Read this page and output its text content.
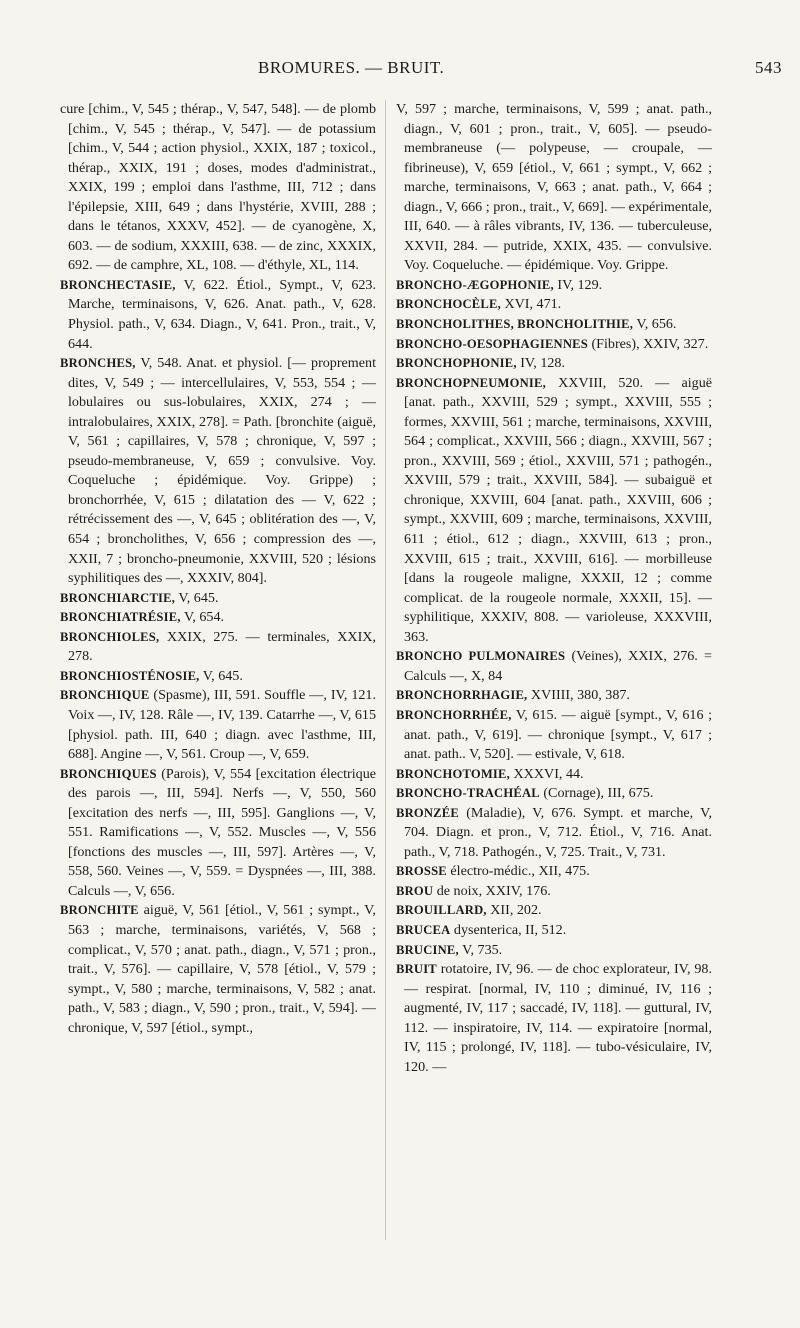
BROMURES. — BRUIT.	543

cure [chim., V, 545 ; thérap., V, 547, 548]. — de plomb [chim., V, 545 ; thérap., V, 547]. — de potassium [chim., V, 544 ; action physiol., XXIX, 187 ; toxicol., thérap., XXIX, 191 ; doses, modes d'administrat., XXIX, 199 ; emploi dans l'asthme, III, 712 ; dans l'épilepsie, XIII, 649 ; dans l'hystérie, XVIII, 288 ; dans le tétanos, XXXV, 452]. — de cyanogène, X, 603. — de sodium, XXXIII, 638. — de zinc, XXXIX, 692. — de camphre, XL, 108. — d'éthyle, XL, 114.

BRONCHECTASIE, V, 622. Étiol., Sympt., V, 623. Marche, terminaisons, V, 626. Anat. path., V, 628. Physiol. path., V, 634. Diagn., V, 641. Pron., trait., V, 644.

BRONCHES, V, 548. Anat. et physiol. [— proprement dites, V, 549 ; — intercellulaires, V, 553, 554 ; — lobulaires ou sus-lobulaires, XXIX, 274 ; — intralobulaires, XXIX, 278]. = Path. [bronchite (aiguë, V, 561 ; capillaires, V, 578 ; chronique, V, 597 ; pseudo-membraneuse, V, 659 ; convulsive. Voy. Coqueluche ; épidémique. Voy. Grippe) ; bronchorrhée, V, 615 ; dilatation des — V, 622 ; rétrécissement des —, V, 645 ; oblitération des —, V, 654 ; broncholithes, V, 656 ; compression des —, XXII, 7 ; broncho-pneumonie, XXVIII, 520 ; lésions syphilitiques des —, XXXIV, 804].

BRONCHIARCTIE, V, 645.

BRONCHIATRÉSIE, V, 654.

BRONCHIOLES, XXIX, 275. — terminales, XXIX, 278.

BRONCHIOSTÉNOSIE, V, 645.

BRONCHIQUE (Spasme), III, 591. Souffle —, IV, 121. Voix —, IV, 128. Râle —, IV, 139. Catarrhe —, V, 615 [physiol. path. III, 640 ; diagn. avec l'asthme, III, 688]. Angine —, V, 561. Croup —, V, 659.

BRONCHIQUES (Parois), V, 554 [excitation électrique des parois —, III, 594]. Nerfs —, V, 550, 560 [excitation des nerfs —, III, 595]. Ganglions —, V, 551. Ramifications —, V, 552. Muscles —, V, 556 [fonctions des muscles —, III, 597]. Artères —, V, 558, 560. Veines —, V, 559. = Dyspnées —, III, 388. Calculs —, V, 656.

BRONCHITE aiguë, V, 561 [étiol., V, 561 ; sympt., V, 563 ; marche, terminaisons, variétés, V, 568 ; complicat., V, 570 ; anat. path., diagn., V, 571 ; pron., trait., V, 576]. — capillaire, V, 578 [étiol., V, 579 ; sympt., V, 580 ; marche, terminaisons, V, 582 ; anat. path., V, 583 ; diagn., V, 590 ; pron., trait., V, 594]. — chronique, V, 597 [étiol., sympt.,

V, 597 ; marche, terminaisons, V, 599 ; anat. path., diagn., V, 601 ; pron., trait., V, 605]. — pseudo-membraneuse (— polypeuse, — croupale, — fibrineuse), V, 659 [étiol., V, 661 ; sympt., V, 662 ; marche, terminaisons, V, 663 ; anat. path., V, 664 ; diagn., V, 666 ; pron., trait., V, 669]. — expérimentale, III, 640. — à râles vibrants, IV, 136. — tuberculeuse, XXVII, 284. — putride, XXIX, 435. — convulsive. Voy. Coqueluche. — épidémique. Voy. Grippe.

BRONCHO-ÆGOPHONIE, IV, 129.

BRONCHOCÈLE, XVI, 471.

BRONCHOLITHES, BRONCHOLITHIE, V, 656.

BRONCHO-OESOPHAGIENNES (Fibres), XXIV, 327.

BRONCHOPHONIE, IV, 128.

BRONCHOPNEUMONIE, XXVIII, 520. — aiguë [anat. path., XXVIII, 529 ; sympt., XXVIII, 555 ; formes, XXVIII, 561 ; marche, terminaisons, XXVIII, 564 ; complicat., XXVIII, 566 ; diagn., XXVIII, 567 ; pron., XXVIII, 569 ; étiol., XXVIII, 571 ; pathogén., XXVIII, 579 ; trait., XXVIII, 584]. — subaiguë et chronique, XXVIII, 604 [anat. path., XXVIII, 606 ; sympt., XXVIII, 609 ; marche, terminaisons, XXVIII, 611 ; étiol., 612 ; diagn., XXVIII, 613 ; pron., XXVIII, 615 ; trait., XXVIII, 616]. — morbilleuse [dans la rougeole maligne, XXXII, 12 ; comme complicat. de la rougeole normale, XXXII, 15]. — syphilitique, XXXIV, 808. — varioleuse, XXXVIII, 363.

BRONCHO PULMONAIRES (Veines), XXIX, 276. = Calculs —, X, 84

BRONCHORRHAGIE, XVIIII, 380, 387.

BRONCHORRHÉE, V, 615. — aiguë [sympt., V, 616 ; anat. path., V, 619]. — chronique [sympt., V, 617 ; anat. path.. V, 520]. — estivale, V, 618.

BRONCHOTOMIE, XXXVI, 44.

BRONCHO-TRACHÉAL (Cornage), III, 675.

BRONZÉE (Maladie), V, 676. Sympt. et marche, V, 704. Diagn. et pron., V, 712. Étiol., V, 716. Anat. path., V, 718. Pathogén., V, 725. Trait., V, 731.

BROSSE électro-médic., XII, 475.

BROU de noix, XXIV, 176.

BROUILLARD, XII, 202.

BRUCEA dysenterica, II, 512.

BRUCINE, V, 735.

BRUIT rotatoire, IV, 96. — de choc explorateur, IV, 98. — respirat. [normal, IV, 110 ; diminué, IV, 116 ; augmenté, IV, 117 ; saccadé, IV, 118]. — guttural, IV, 112. — inspiratoire, IV, 114. — expiratoire [normal, IV, 115 ; prolongé, IV, 118]. — tubo-vésiculaire, IV, 120. —
